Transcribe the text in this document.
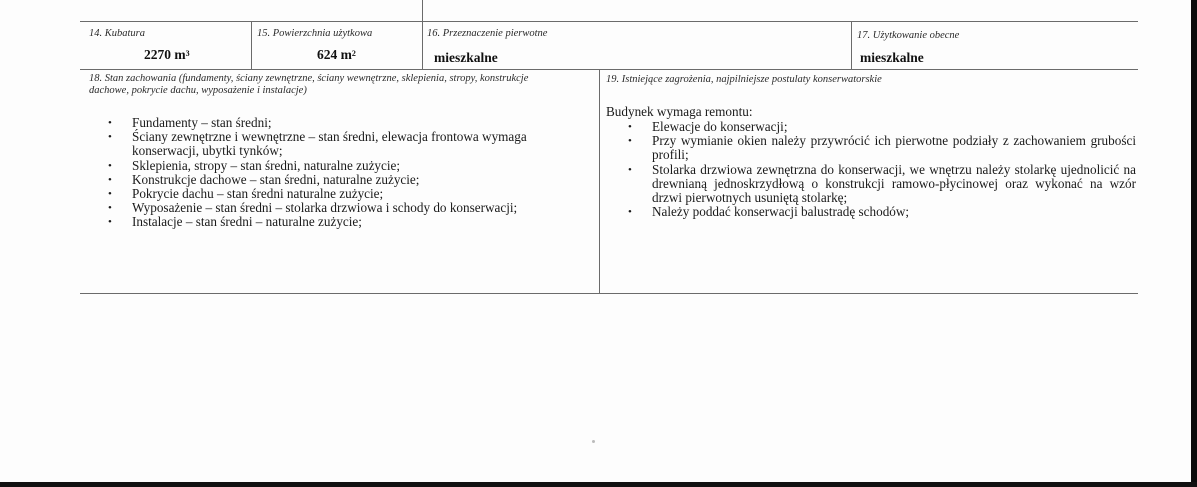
14. Kubatura
2270 $m^3$
15. Powierzchnia użytkowa
624 $m^2$
16. Przeznaczenie pierwotne
mieszkalne
17. Użytkowanie obecne
mieszkalne
18. Stan zachowania (fundamenty, ściany zewnętrzne, ściany wewnętrzne, sklepienia, stropy, konstrukcje
dachowe, pokrycie dachu, wyposażenie i instalacje)
•	Fundamenty – stan średni;
•	Ściany zewnętrzne i wewnętrzne – stan średni, elewacja frontowa wymaga konserwacji, ubytki tynków;
•	Sklepienia, stropy – stan średni, naturalne zużycie;
•	Konstrukcje dachowe – stan średni, naturalne zużycie;
•	Pokrycie dachu – stan średni naturalne zużycie;
•	Wyposażenie – stan średni – stolarka drzwiowa i schody do konserwacji;
•	Instalacje – stan średni – naturalne zużycie;
19. Istniejące zagrożenia, najpilniejsze postulaty konserwatorskie
Budynek wymaga remontu:
•	Elewacje do konserwacji;
•	Przy wymianie okien należy przywrócić ich pierwotne podziały z zachowaniem grubości profili;
•	Stolarka drzwiowa zewnętrzna do konserwacji, we wnętrzu należy stolarkę ujednolicić na drewnianą jednoskrzydłową o konstrukcji ramowo-płycinowej oraz wykonać na wzór drzwi pierwotnych usuniętą stolarkę;
•	Należy poddać konserwacji balustradę schodów;
